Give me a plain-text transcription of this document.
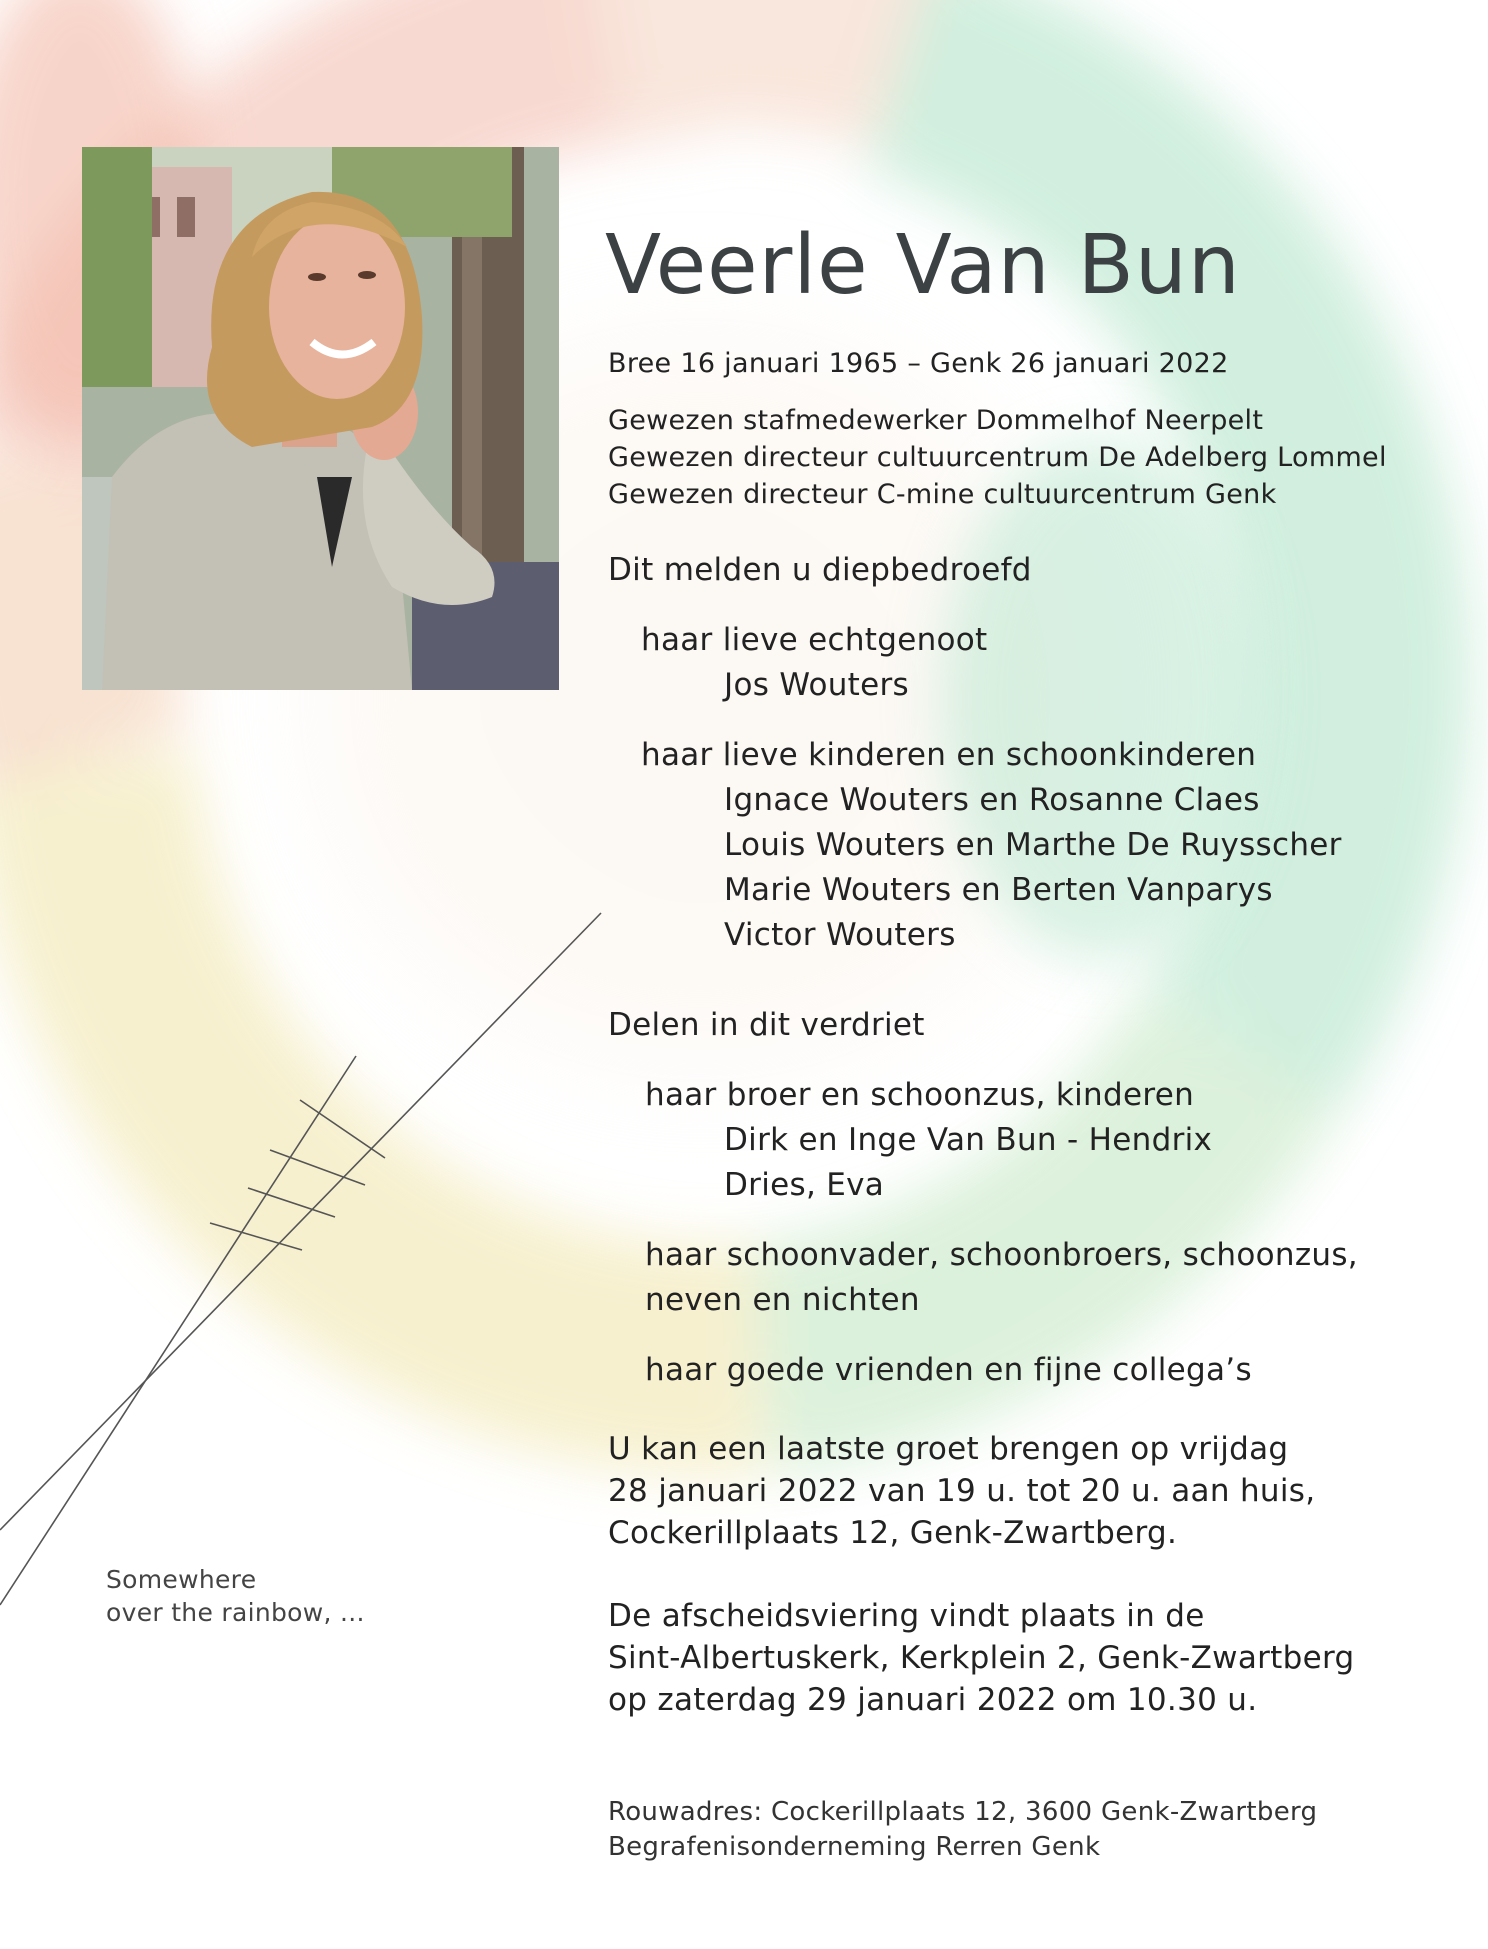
Veerle Van Bun
Bree 16 januari 1965 – Genk 26 januari 2022
Gewezen stafmedewerker Dommelhof Neerpelt
Gewezen directeur cultuurcentrum De Adelberg Lommel
Gewezen directeur C-mine cultuurcentrum Genk
Dit melden u diepbedroefd
haar lieve echtgenoot
Jos Wouters
haar lieve kinderen en schoonkinderen
Ignace Wouters en Rosanne Claes
Louis Wouters en Marthe De Ruysscher
Marie Wouters en Berten Vanparys
Victor Wouters
Delen in dit verdriet
haar broer en schoonzus, kinderen
Dirk en Inge Van Bun - Hendrix
Dries, Eva
haar schoonvader, schoonbroers, schoonzus,
neven en nichten
haar goede vrienden en fijne collega’s
U kan een laatste groet brengen op vrijdag
28 januari 2022 van 19 u. tot 20 u. aan huis,
Cockerillplaats 12, Genk-Zwartberg.
De afscheidsviering vindt plaats in de
Sint-Albertuskerk, Kerkplein 2, Genk-Zwartberg
op zaterdag 29 januari 2022 om 10.30 u.
Rouwadres: Cockerillplaats 12, 3600 Genk-Zwartberg
Begrafenisonderneming Rerren Genk
Somewhere
over the rainbow, ...
